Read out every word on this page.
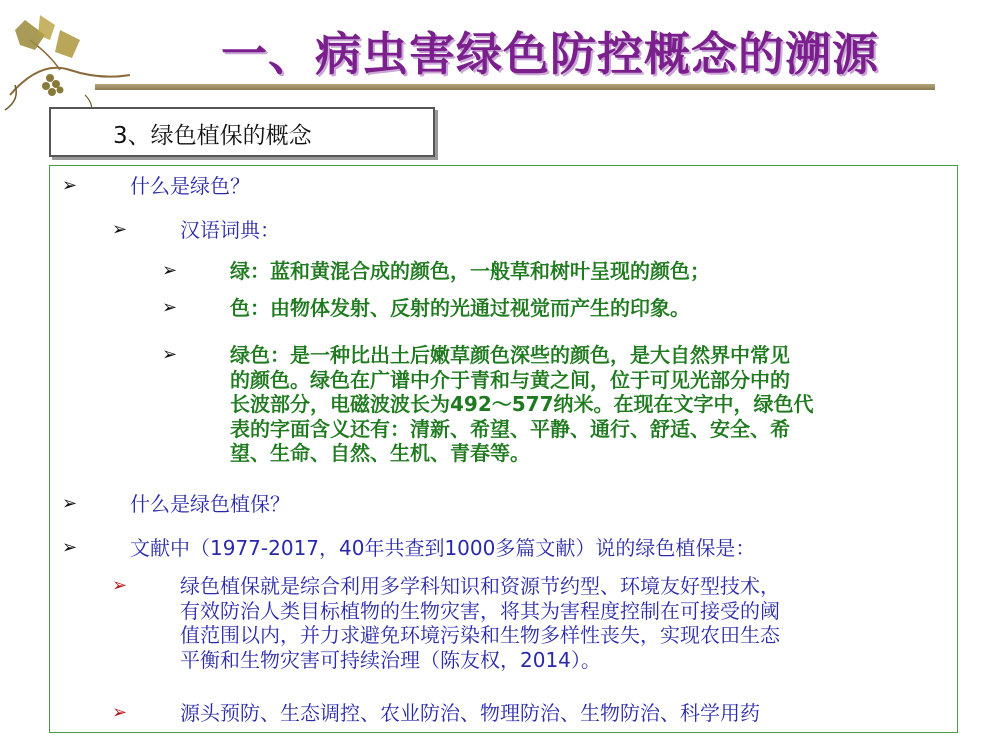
一、病虫害绿色防控概念的溯源
3、绿色植保的概念
➢	什么是绿色？
➢	汉语词典：
➢	绿：蓝和黄混合成的颜色，一般草和树叶呈现的颜色；
➢	色：由物体发射、反射的光通过视觉而产生的印象。
➢	绿色：是一种比出土后嫩草颜色深些的颜色，是大自然界中常见
的颜色。绿色在广谱中介于青和与黄之间，位于可见光部分中的
长波部分，电磁波波长为492～577纳米。在现在文字中，绿色代
表的字面含义还有：清新、希望、平静、通行、舒适、安全、希
望、生命、自然、生机、青春等。
➢	什么是绿色植保？
➢	文献中（1977-2017，40年共查到1000多篇文献）说的绿色植保是：
➢	绿色植保就是综合利用多学科知识和资源节约型、环境友好型技术，
有效防治人类目标植物的生物灾害，将其为害程度控制在可接受的阈
值范围以内，并力求避免环境污染和生物多样性丧失，实现农田生态
平衡和生物灾害可持续治理（陈友权，2014）。
➢	源头预防、生态调控、农业防治、物理防治、生物防治、科学用药
